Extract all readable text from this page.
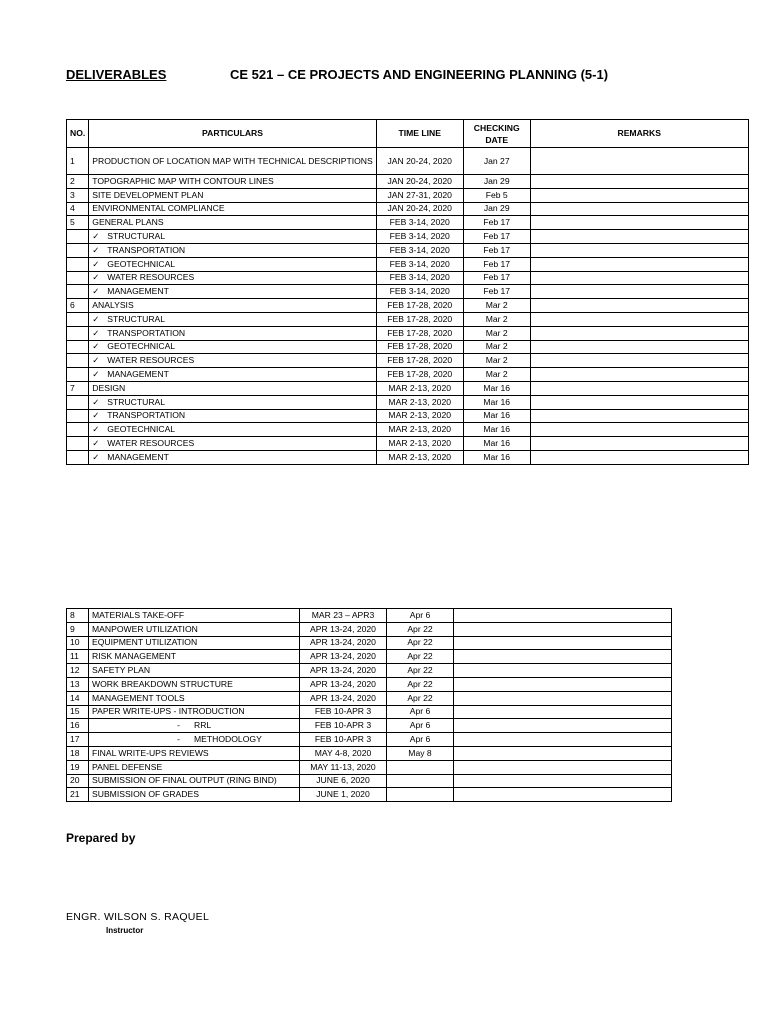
DELIVERABLES	CE 521 – CE PROJECTS AND ENGINEERING PLANNING (5-1)
NO.	PARTICULARS	TIME LINE	CHECKING DATE	REMARKS
1	PRODUCTION OF LOCATION MAP WITH TECHNICAL DESCRIPTIONS	JAN 20-24, 2020	Jan 27	
2	TOPOGRAPHIC MAP WITH CONTOUR LINES	JAN 20-24, 2020	Jan 29	
3	SITE DEVELOPMENT PLAN	JAN 27-31, 2020	Feb 5	
4	ENVIRONMENTAL COMPLIANCE	JAN 20-24, 2020	Jan 29	
5	GENERAL PLANS	FEB 3-14, 2020	Feb 17	
	✓ STRUCTURAL	FEB 3-14, 2020	Feb 17	
	✓ TRANSPORTATION	FEB 3-14, 2020	Feb 17	
	✓ GEOTECHNICAL	FEB 3-14, 2020	Feb 17	
	✓ WATER RESOURCES	FEB 3-14, 2020	Feb 17	
	✓ MANAGEMENT	FEB 3-14, 2020	Feb 17	
6	ANALYSIS	FEB 17-28, 2020	Mar 2	
	✓ STRUCTURAL	FEB 17-28, 2020	Mar 2	
	✓ TRANSPORTATION	FEB 17-28, 2020	Mar 2	
	✓ GEOTECHNICAL	FEB 17-28, 2020	Mar 2	
	✓ WATER RESOURCES	FEB 17-28, 2020	Mar 2	
	✓ MANAGEMENT	FEB 17-28, 2020	Mar 2	
7	DESIGN	MAR 2-13, 2020	Mar 16	
	✓ STRUCTURAL	MAR 2-13, 2020	Mar 16	
	✓ TRANSPORTATION	MAR 2-13, 2020	Mar 16	
	✓ GEOTECHNICAL	MAR 2-13, 2020	Mar 16	
	✓ WATER RESOURCES	MAR 2-13, 2020	Mar 16	
	✓ MANAGEMENT	MAR 2-13, 2020	Mar 16	
8	MATERIALS TAKE-OFF	MAR 23 – APR3	Apr 6	
9	MANPOWER UTILIZATION	APR 13-24, 2020	Apr 22	
10	EQUIPMENT UTILIZATION	APR 13-24, 2020	Apr 22	
11	RISK MANAGEMENT	APR 13-24, 2020	Apr 22	
12	SAFETY PLAN	APR 13-24, 2020	Apr 22	
13	WORK BREAKDOWN STRUCTURE	APR 13-24, 2020	Apr 22	
14	MANAGEMENT TOOLS	APR 13-24, 2020	Apr 22	
15	PAPER WRITE-UPS - INTRODUCTION	FEB 10-APR 3	Apr 6	
16	- RRL	FEB 10-APR 3	Apr 6	
17	- METHODOLOGY	FEB 10-APR 3	Apr 6	
18	FINAL WRITE-UPS REVIEWS	MAY 4-8, 2020	May 8	
19	PANEL DEFENSE	MAY 11-13, 2020		
20	SUBMISSION OF FINAL OUTPUT (RING BIND)	JUNE 6, 2020		
21	SUBMISSION OF GRADES	JUNE 1, 2020		
Prepared by
ENGR. WILSON S. RAQUEL
Instructor
